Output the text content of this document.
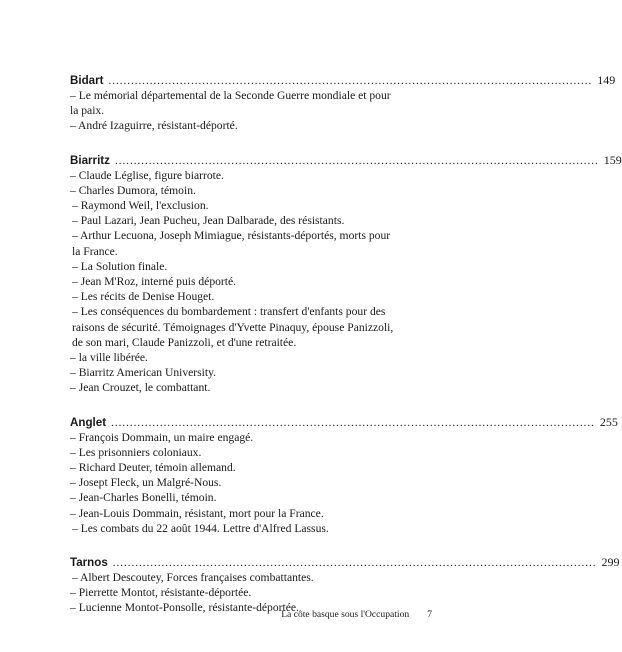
Bidart ................................................................................................................................. 149
– Le mémorial départemental de la Seconde Guerre mondiale et pour la paix.
– André Izaguirre, résistant-déporté.
Biarritz ................................................................................................................................. 159
– Claude Léglise, figure biarrote.
– Charles Dumora, témoin.
– Raymond Weil, l'exclusion.
– Paul Lazari, Jean Pucheu, Jean Dalbarade, des résistants.
– Arthur Lecuona, Joseph Mimiague, résistants-déportés, morts pour la France.
– La Solution finale.
– Jean M'Roz, interné puis déporté.
– Les récits de Denise Houget.
– Les conséquences du bombardement : transfert d'enfants pour des raisons de sécurité. Témoignages d'Yvette Pinaquy, épouse Panizzoli, de son mari, Claude Panizzoli, et d'une retraitée.
– la ville libérée.
– Biarritz American University.
– Jean Crouzet, le combattant.
Anglet ................................................................................................................................. 255
– François Dommain, un maire engagé.
– Les prisonniers coloniaux.
– Richard Deuter, témoin allemand.
– Josept Fleck, un Malgré-Nous.
– Jean-Charles Bonelli, témoin.
– Jean-Louis Dommain, résistant, mort pour la France.
– Les combats du 22 août 1944. Lettre d'Alfred Lassus.
Tarnos ................................................................................................................................. 299
– Albert Descoutey, Forces françaises combattantes.
– Pierrette Montot, résistante-déportée.
– Lucienne Montot-Ponsolle, résistante-déportée.
La côte basque sous l'Occupation 7
